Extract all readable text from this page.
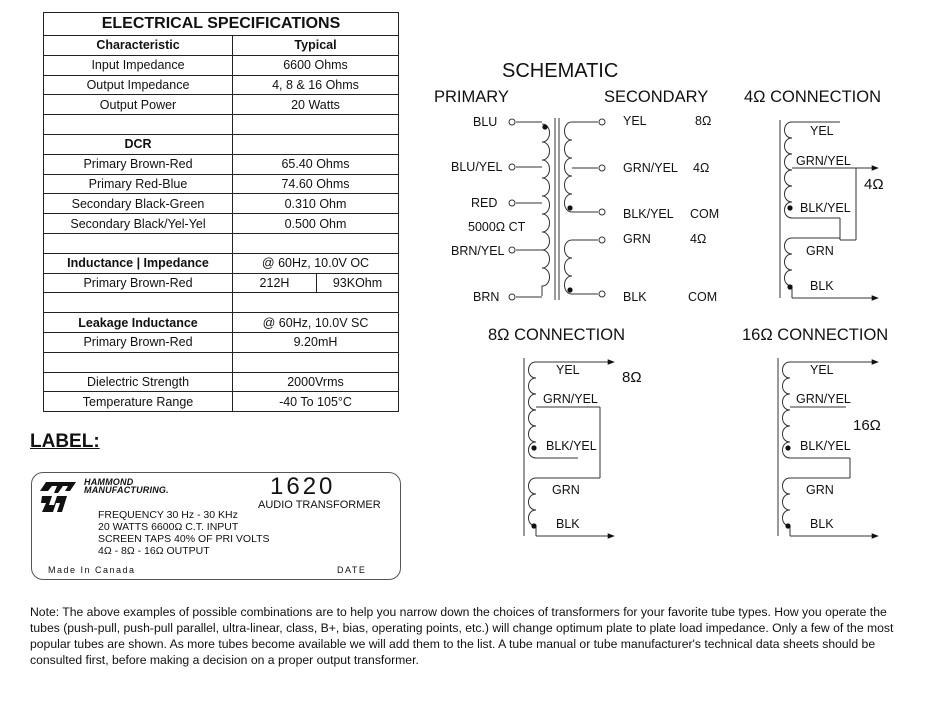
ELECTRICAL SPECIFICATIONS	
Characteristic	Typical
Input Impedance	6600 Ohms
Output Impedance	4, 8 & 16 Ohms
Output Power	20 Watts

DCR	
Primary Brown-Red	65.40 Ohms
Primary Red-Blue	74.60 Ohms
Secondary Black-Green	0.310 Ohm
Secondary Black/Yel-Yel	0.500 Ohm

Inductance | Impedance	@ 60Hz, 10.0V OC
Primary Brown-Red	212H 93KOhm

Leakage Inductance	@ 60Hz, 10.0V SC
Primary Brown-Red	9.20mH

Dielectric Strength	2000Vrms
Temperature Range	-40 To 105°C
LABEL:
HAMMOND
MANUFACTURING.	1620
AUDIO TRANSFORMER
FREQUENCY 30 Hz - 30 KHz
20 WATTS 6600Ω C.T. INPUT
SCREEN TAPS 40% OF PRI VOLTS
4Ω - 8Ω - 16Ω OUTPUT
Made In Canada	DATE
SCHEMATIC
PRIMARY	SECONDARY
BLU
BLU/YEL
RED
5000Ω CT
BRN/YEL
BRN
YEL	8Ω
GRN/YEL 4Ω
BLK/YEL COM
GRN	4Ω
BLK	COM
4Ω CONNECTION
YEL
GRN/YEL
BLK/YEL
GRN
BLK
4Ω
8Ω CONNECTION
YEL
GRN/YEL
BLK/YEL
GRN
BLK
8Ω
16Ω CONNECTION
YEL
GRN/YEL
BLK/YEL
GRN
BLK
16Ω

Note: The above examples of possible combinations are to help you narrow down the choices of transformers for your favorite tube types. How you operate the tubes (push-pull, push-pull parallel, ultra-linear, class, B+, bias, operating points, etc.) will change optimum plate to plate load impedance. Only a few of the most popular tubes are shown. As more tubes become available we will add them to the list. A tube manual or tube manufacturer's technical data sheets should be consulted first, before making a decision on a proper output transformer.
